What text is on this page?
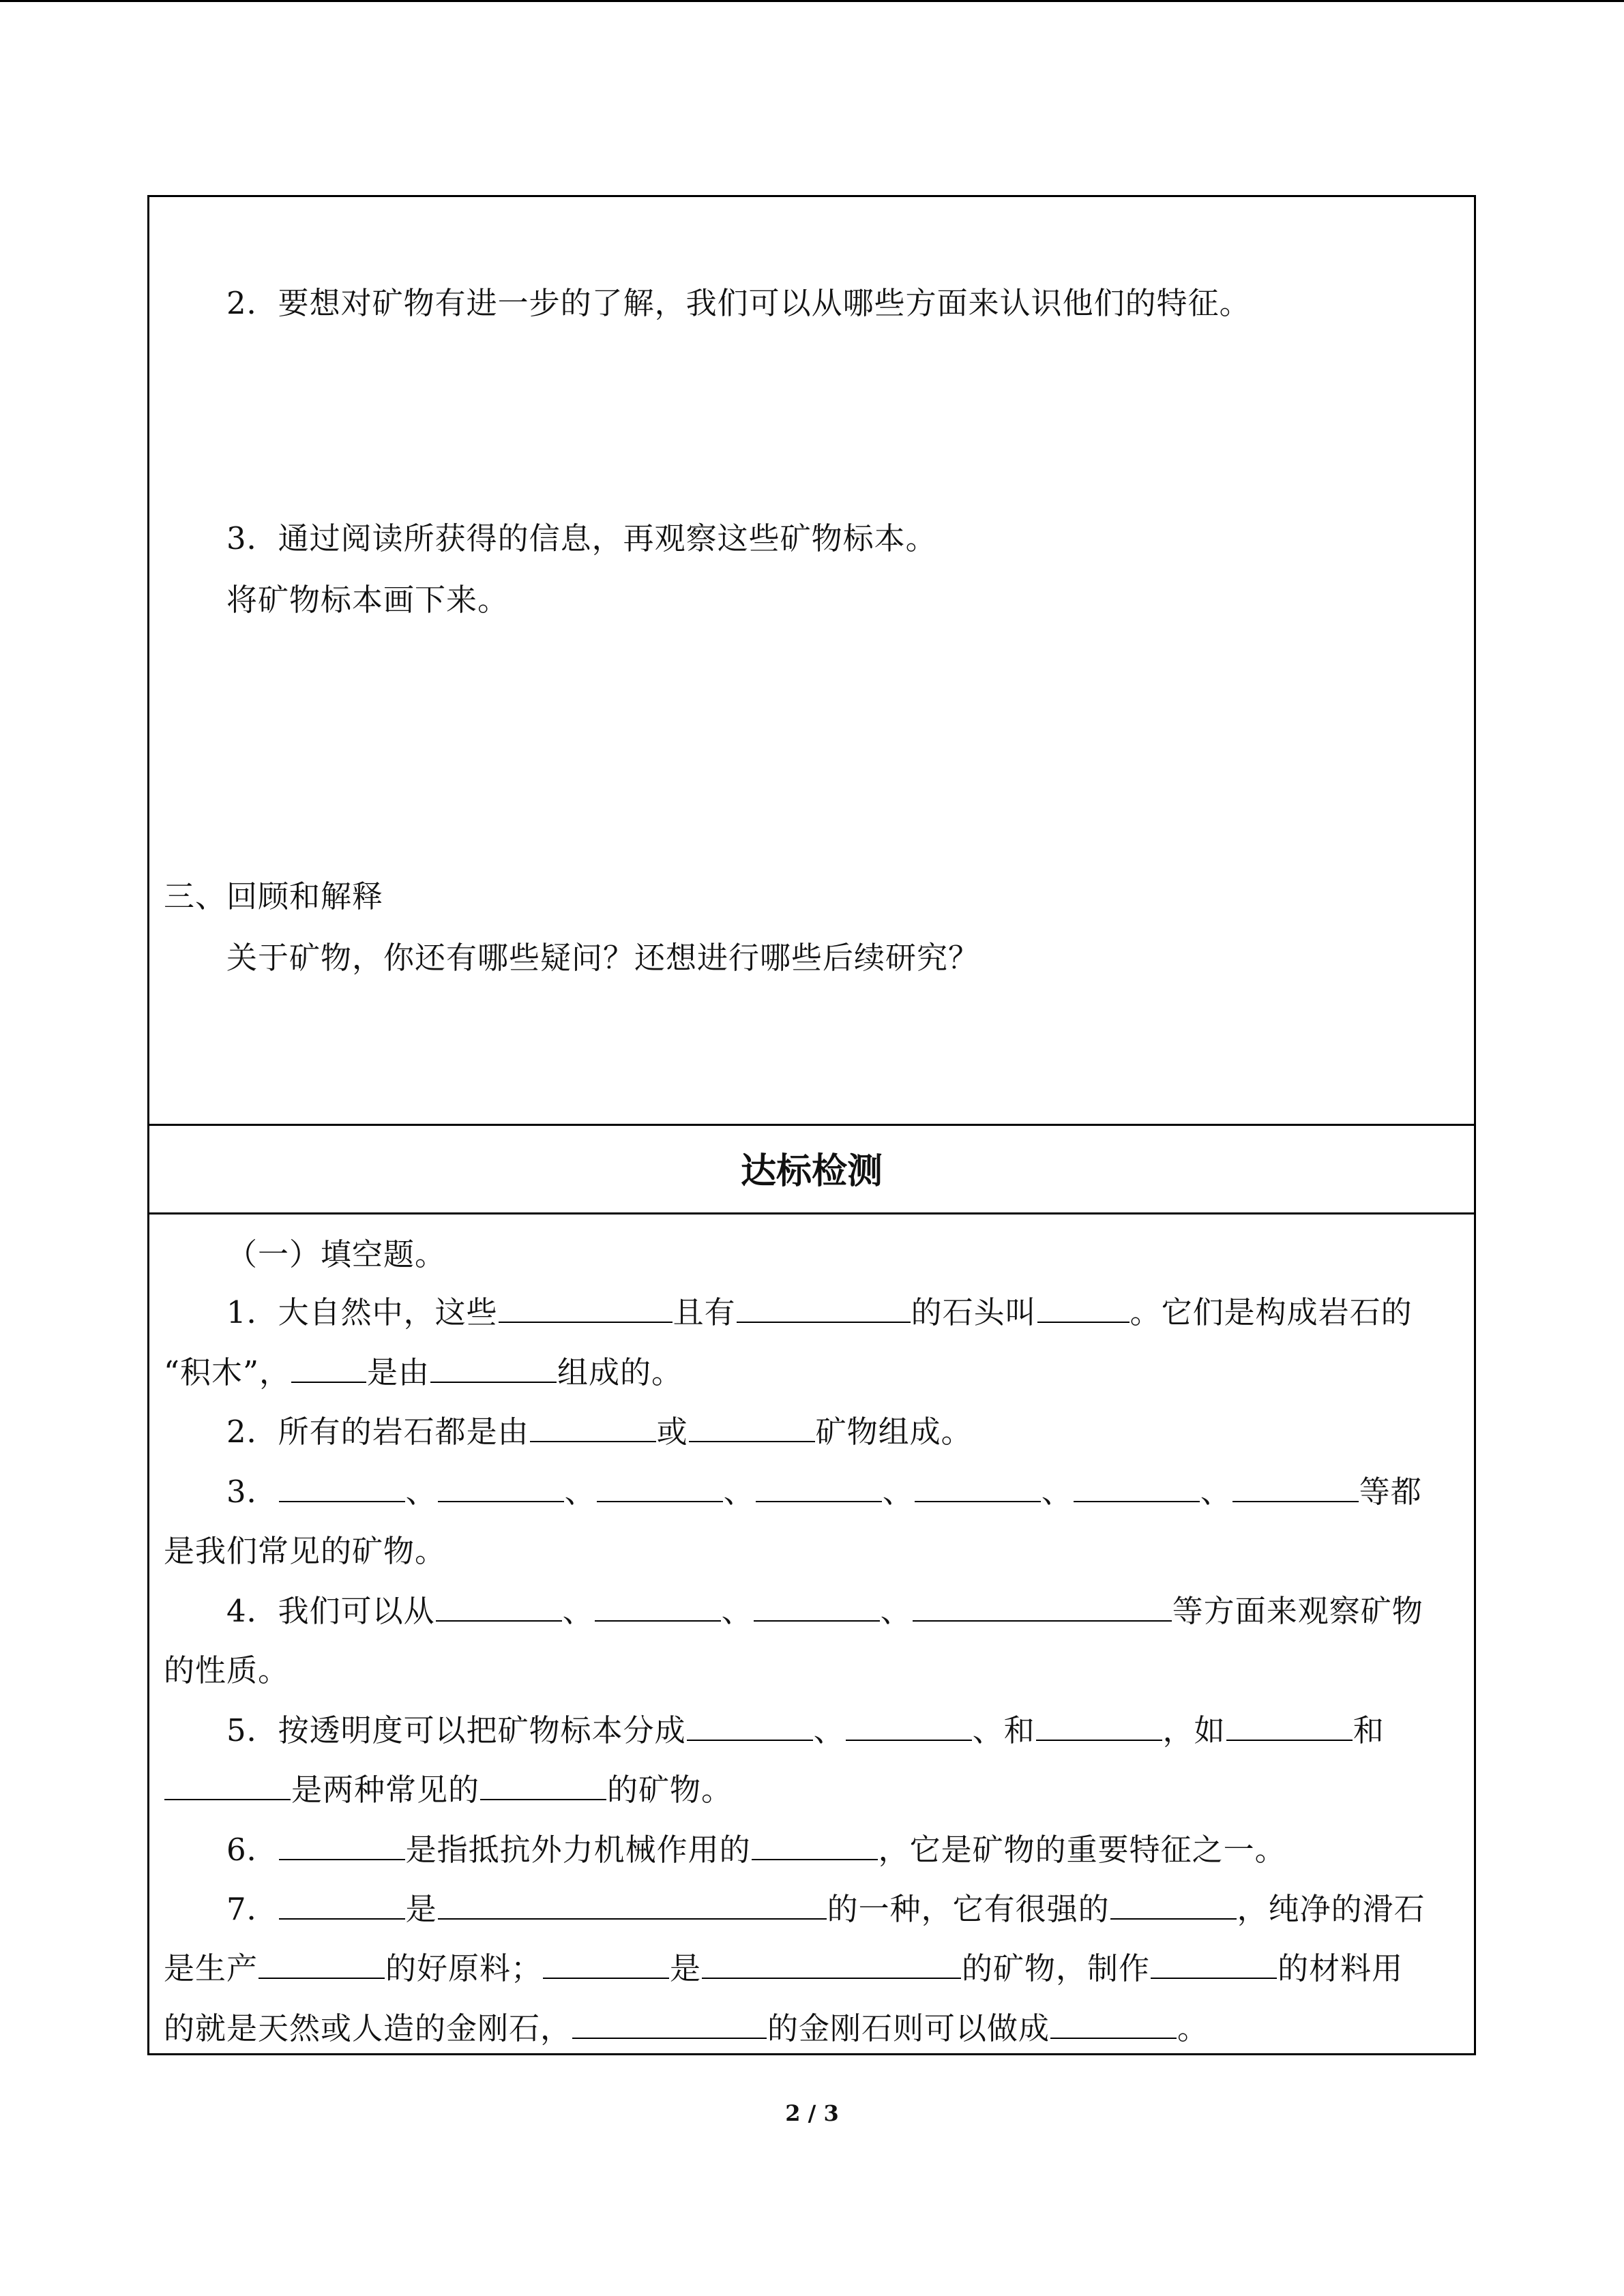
2．要想对矿物有进一步的了解，我们可以从哪些方面来认识他们的特征。
3．通过阅读所获得的信息，再观察这些矿物标本。
将矿物标本画下来。
三、回顾和解释
关于矿物，你还有哪些疑问？还想进行哪些后续研究？
达标检测
（一）填空题。
1．大自然中，这些	且有	的石头叫	。它们是构成岩石的
“积木”， 是由	组成的。
2．所有的岩石都是由	或	矿物组成。
3．	、	、	、	、	、	、	等都
是我们常见的矿物。
4．我们可以从	、	、	、	等方面来观察矿物
的性质。
5．按透明度可以把矿物标本分成	、	、和	，如	和
是两种常见的	的矿物。
6．	是指抵抗外力机械作用的	，它是矿物的重要特征之一。
7．	是	的一种，它有很强的	，纯净的滑石
是生产	的好原料；	是	的矿物，制作	的材料用
的就是天然或人造的金刚石，	的金刚石则可以做成	。
2 / 3
